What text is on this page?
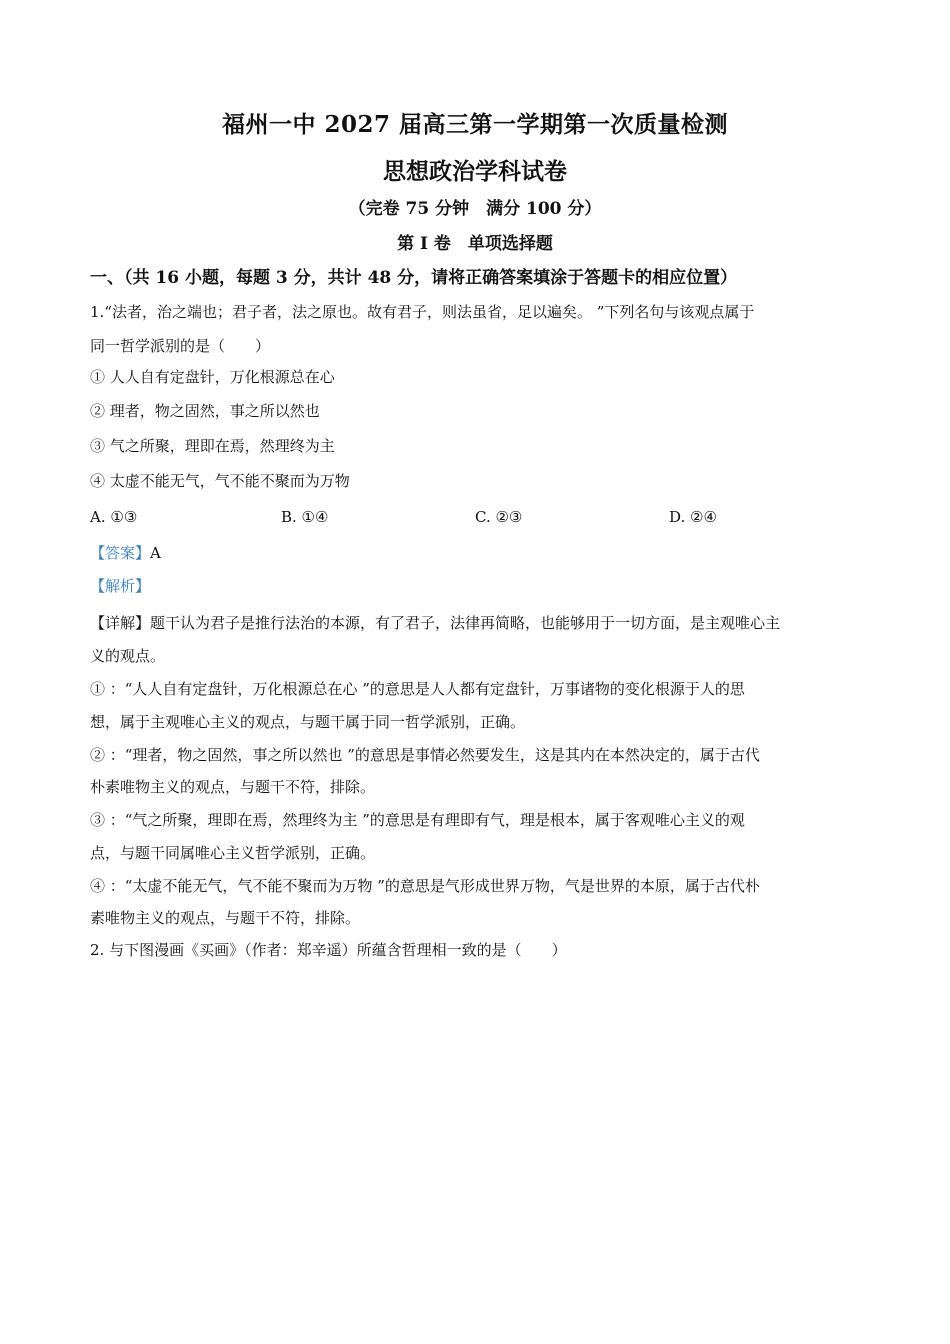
福州一中 2027 届高三第一学期第一次质量检测
思想政治学科试卷
（完卷 75 分钟　满分 100 分）
第 I 卷　单项选择题
一、（共 16 小题，每题 3 分，共计 48 分，请将正确答案填涂于答题卡的相应位置）
1.“法者，治之端也；君子者，法之原也。故有君子，则法虽省，足以遍矣。 ”下列名句与该观点属于
同一哲学派别的是（　　）
① 人人自有定盘针，万化根源总在心
② 理者，物之固然，事之所以然也
③ 气之所聚，理即在焉，然理终为主
④ 太虚不能无气，气不能不聚而为万物
A. ①③	B. ①④	C. ②③	D. ②④
【答案】A
【解析】
【详解】题干认为君子是推行法治的本源，有了君子，法律再简略，也能够用于一切方面，是主观唯心主
义的观点。
① ：“人人自有定盘针，万化根源总在心 ”的意思是人人都有定盘针，万事诸物的变化根源于人的思
想，属于主观唯心主义的观点，与题干属于同一哲学派别，正确。
② ：“理者，物之固然，事之所以然也 ”的意思是事情必然要发生，这是其内在本然决定的，属于古代
朴素唯物主义的观点，与题干不符，排除。
③ ：“气之所聚，理即在焉，然理终为主 ”的意思是有理即有气，理是根本，属于客观唯心主义的观
点，与题干同属唯心主义哲学派别，正确。
④ ：“太虚不能无气，气不能不聚而为万物 ”的意思是气形成世界万物，气是世界的本原，属于古代朴
素唯物主义的观点，与题干不符，排除。
2. 与下图漫画《买画》（作者：郑辛遥）所蕴含哲理相一致的是（　　）
